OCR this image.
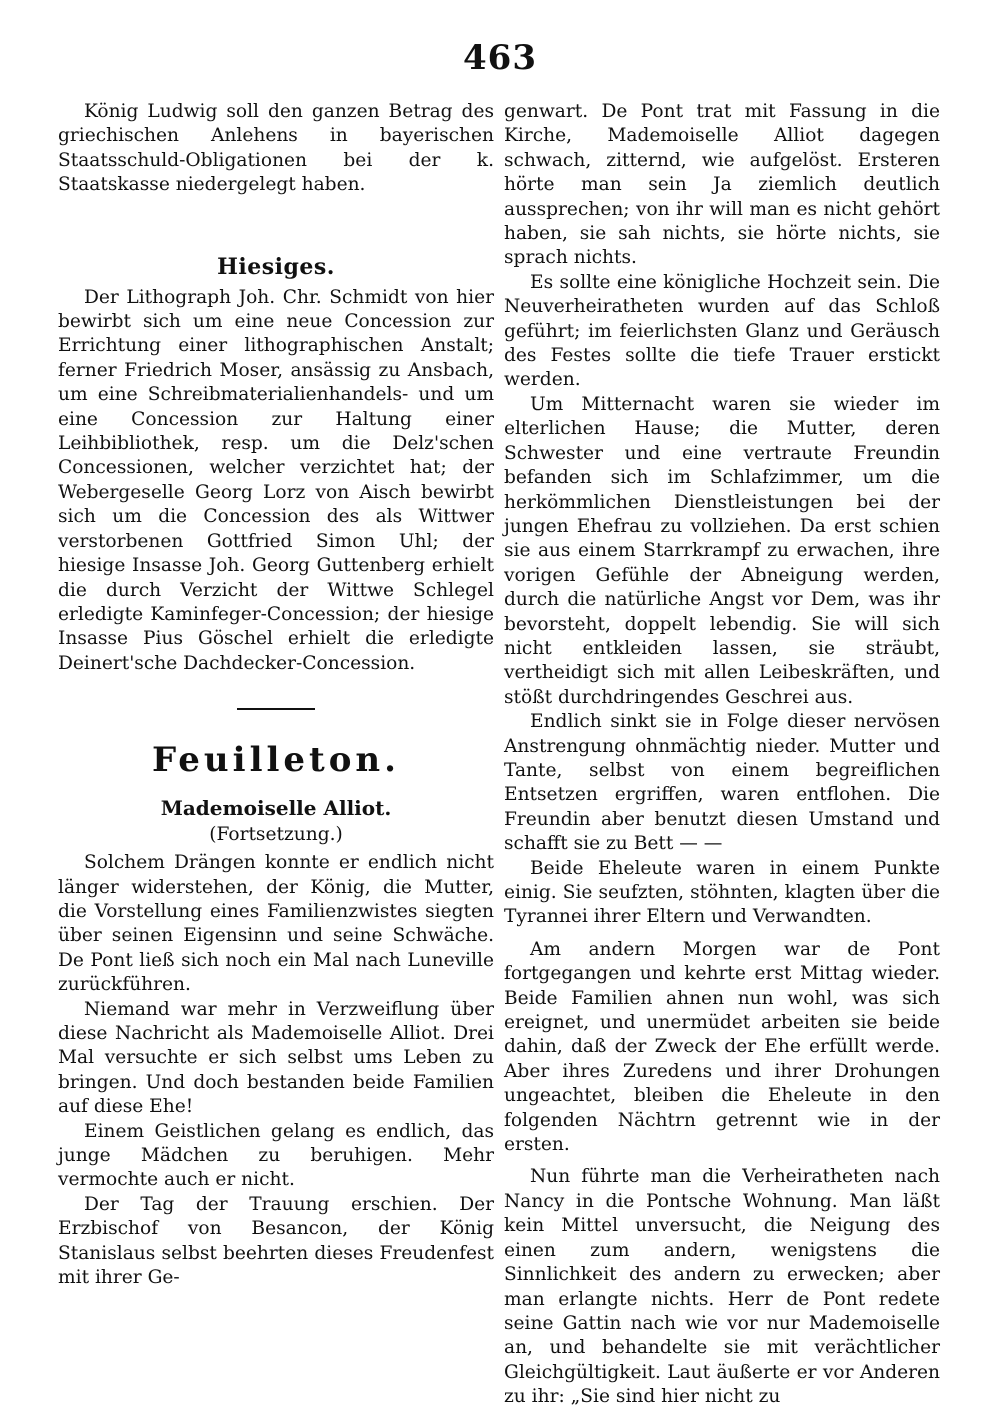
463

König Ludwig soll den ganzen Betrag des griechischen Anlehens in bayerischen Staatsschuld-Obligationen bei der k. Staatskasse niedergelegt haben.

Hiesiges.

Der Lithograph Joh. Chr. Schmidt von hier bewirbt sich um eine neue Concession zur Errichtung einer lithographischen Anstalt; ferner Friedrich Moser, ansässig zu Ansbach, um eine Schreibmaterialienhandels- und um eine Concession zur Haltung einer Leihbibliothek, resp. um die Delz'schen Concessionen, welcher verzichtet hat; der Webergeselle Georg Lorz von Aisch bewirbt sich um die Concession des als Wittwer verstorbenen Gottfried Simon Uhl; der hiesige Insasse Joh. Georg Guttenberg erhielt die durch Verzicht der Wittwe Schlegel erledigte Kaminfeger-Concession; der hiesige Insasse Pius Göschel erhielt die erledigte Deinert'sche Dachdecker-Concession.

Feuilleton.
Mademoiselle Alliot.
(Fortsetzung.)

Solchem Drängen konnte er endlich nicht länger widerstehen, der König, die Mutter, die Vorstellung eines Familienzwistes siegten über seinen Eigensinn und seine Schwäche. De Pont ließ sich noch ein Mal nach Luneville zurückführen.

Niemand war mehr in Verzweiflung über diese Nachricht als Mademoiselle Alliot. Drei Mal versuchte er sich selbst ums Leben zu bringen. Und doch bestanden beide Familien auf diese Ehe!

Einem Geistlichen gelang es endlich, das junge Mädchen zu beruhigen. Mehr vermochte auch er nicht.

Der Tag der Trauung erschien. Der Erzbischof von Besancon, der König Stanislaus selbst beehrten dieses Freudenfest mit ihrer Ge-

genwart. De Pont trat mit Fassung in die Kirche, Mademoiselle Alliot dagegen schwach, zitternd, wie aufgelöst. Ersteren hörte man sein Ja ziemlich deutlich aussprechen; von ihr will man es nicht gehört haben, sie sah nichts, sie hörte nichts, sie sprach nichts.

Es sollte eine königliche Hochzeit sein. Die Neuverheiratheten wurden auf das Schloß geführt; im feierlichsten Glanz und Geräusch des Festes sollte die tiefe Trauer erstickt werden.

Um Mitternacht waren sie wieder im elterlichen Hause; die Mutter, deren Schwester und eine vertraute Freundin befanden sich im Schlafzimmer, um die herkömmlichen Dienstleistungen bei der jungen Ehefrau zu vollziehen. Da erst schien sie aus einem Starrkrampf zu erwachen, ihre vorigen Gefühle der Abneigung werden, durch die natürliche Angst vor Dem, was ihr bevorsteht, doppelt lebendig. Sie will sich nicht entkleiden lassen, sie sträubt, vertheidigt sich mit allen Leibeskräften, und stößt durchdringendes Geschrei aus.

Endlich sinkt sie in Folge dieser nervösen Anstrengung ohnmächtig nieder. Mutter und Tante, selbst von einem begreiflichen Entsetzen ergriffen, waren entflohen. Die Freundin aber benutzt diesen Umstand und schafft sie zu Bett — —

Beide Eheleute waren in einem Punkte einig. Sie seufzten, stöhnten, klagten über die Tyrannei ihrer Eltern und Verwandten.

Am andern Morgen war de Pont fortgegangen und kehrte erst Mittag wieder. Beide Familien ahnen nun wohl, was sich ereignet, und unermüdet arbeiten sie beide dahin, daß der Zweck der Ehe erfüllt werde. Aber ihres Zuredens und ihrer Drohungen ungeachtet, bleiben die Eheleute in den folgenden Nächtrn getrennt wie in der ersten.

Nun führte man die Verheiratheten nach Nancy in die Pontsche Wohnung. Man läßt kein Mittel unversucht, die Neigung des einen zum andern, wenigstens die Sinnlichkeit des andern zu erwecken; aber man erlangte nichts. Herr de Pont redete seine Gattin nach wie vor nur Mademoiselle an, und behandelte sie mit verächtlicher Gleichgültigkeit. Laut äußerte er vor Anderen zu ihr: „Sie sind hier nicht zu
